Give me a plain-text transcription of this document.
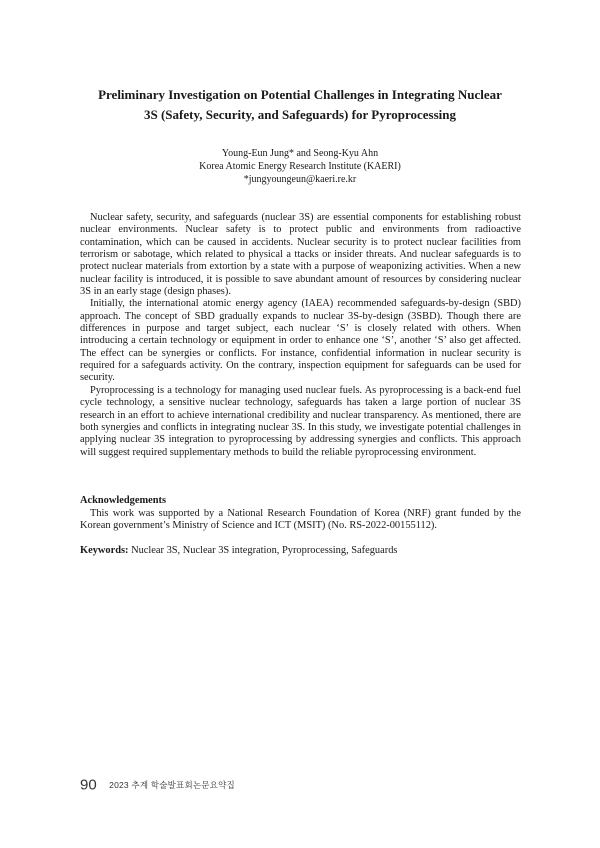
Preliminary Investigation on Potential Challenges in Integrating Nuclear
3S (Safety, Security, and Safeguards) for Pyroprocessing
Young-Eun Jung* and Seong-Kyu Ahn
Korea Atomic Energy Research Institute (KAERI)
*jungyoungeun@kaeri.re.kr

Nuclear safety, security, and safeguards (nuclear 3S) are essential components for establishing robust nuclear environments. Nuclear safety is to protect public and environments from radioactive contamination, which can be caused in accidents. Nuclear security is to protect nuclear facilities from terrorism or sabotage, which related to physical a ttacks or insider threats. And nuclear safeguards is to protect nuclear materials from extortion by a state with a purpose of weaponizing activities. When a new nuclear facility is introduced, it is possible to save abundant amount of resources by considering nuclear 3S in an early stage (design phases).

Initially, the international atomic energy agency (IAEA) recommended safeguards-by-design (SBD) approach. The concept of SBD gradually expands to nuclear 3S-by-design (3SBD). Though there are differences in purpose and target subject, each nuclear ‘S’ is closely related with others. When introducing a certain technology or equipment in order to enhance one ‘S’, another ‘S’ also get affected. The effect can be synergies or conflicts. For instance, confidential information in nuclear security is required for a safeguards activity. On the contrary, inspection equipment for safeguards can be used for security.

Pyroprocessing is a technology for managing used nuclear fuels. As pyroprocessing is a back-end fuel cycle technology, a sensitive nuclear technology, safeguards has taken a large portion of nuclear 3S research in an effort to achieve international credibility and nuclear transparency. As mentioned, there are both synergies and conflicts in integrating nuclear 3S. In this study, we investigate potential challenges in applying nuclear 3S integration to pyroprocessing by addressing synergies and conflicts. This approach will suggest required supplementary methods to build the reliable pyroprocessing environment.

Acknowledgements
This work was supported by a National Research Foundation of Korea (NRF) grant funded by the Korean government’s Ministry of Science and ICT (MSIT) (No. RS-2022-00155112).
Keywords: Nuclear 3S, Nuclear 3S integration, Pyroprocessing, Safeguards
90 2023 추계 학술발표회논문요약집
